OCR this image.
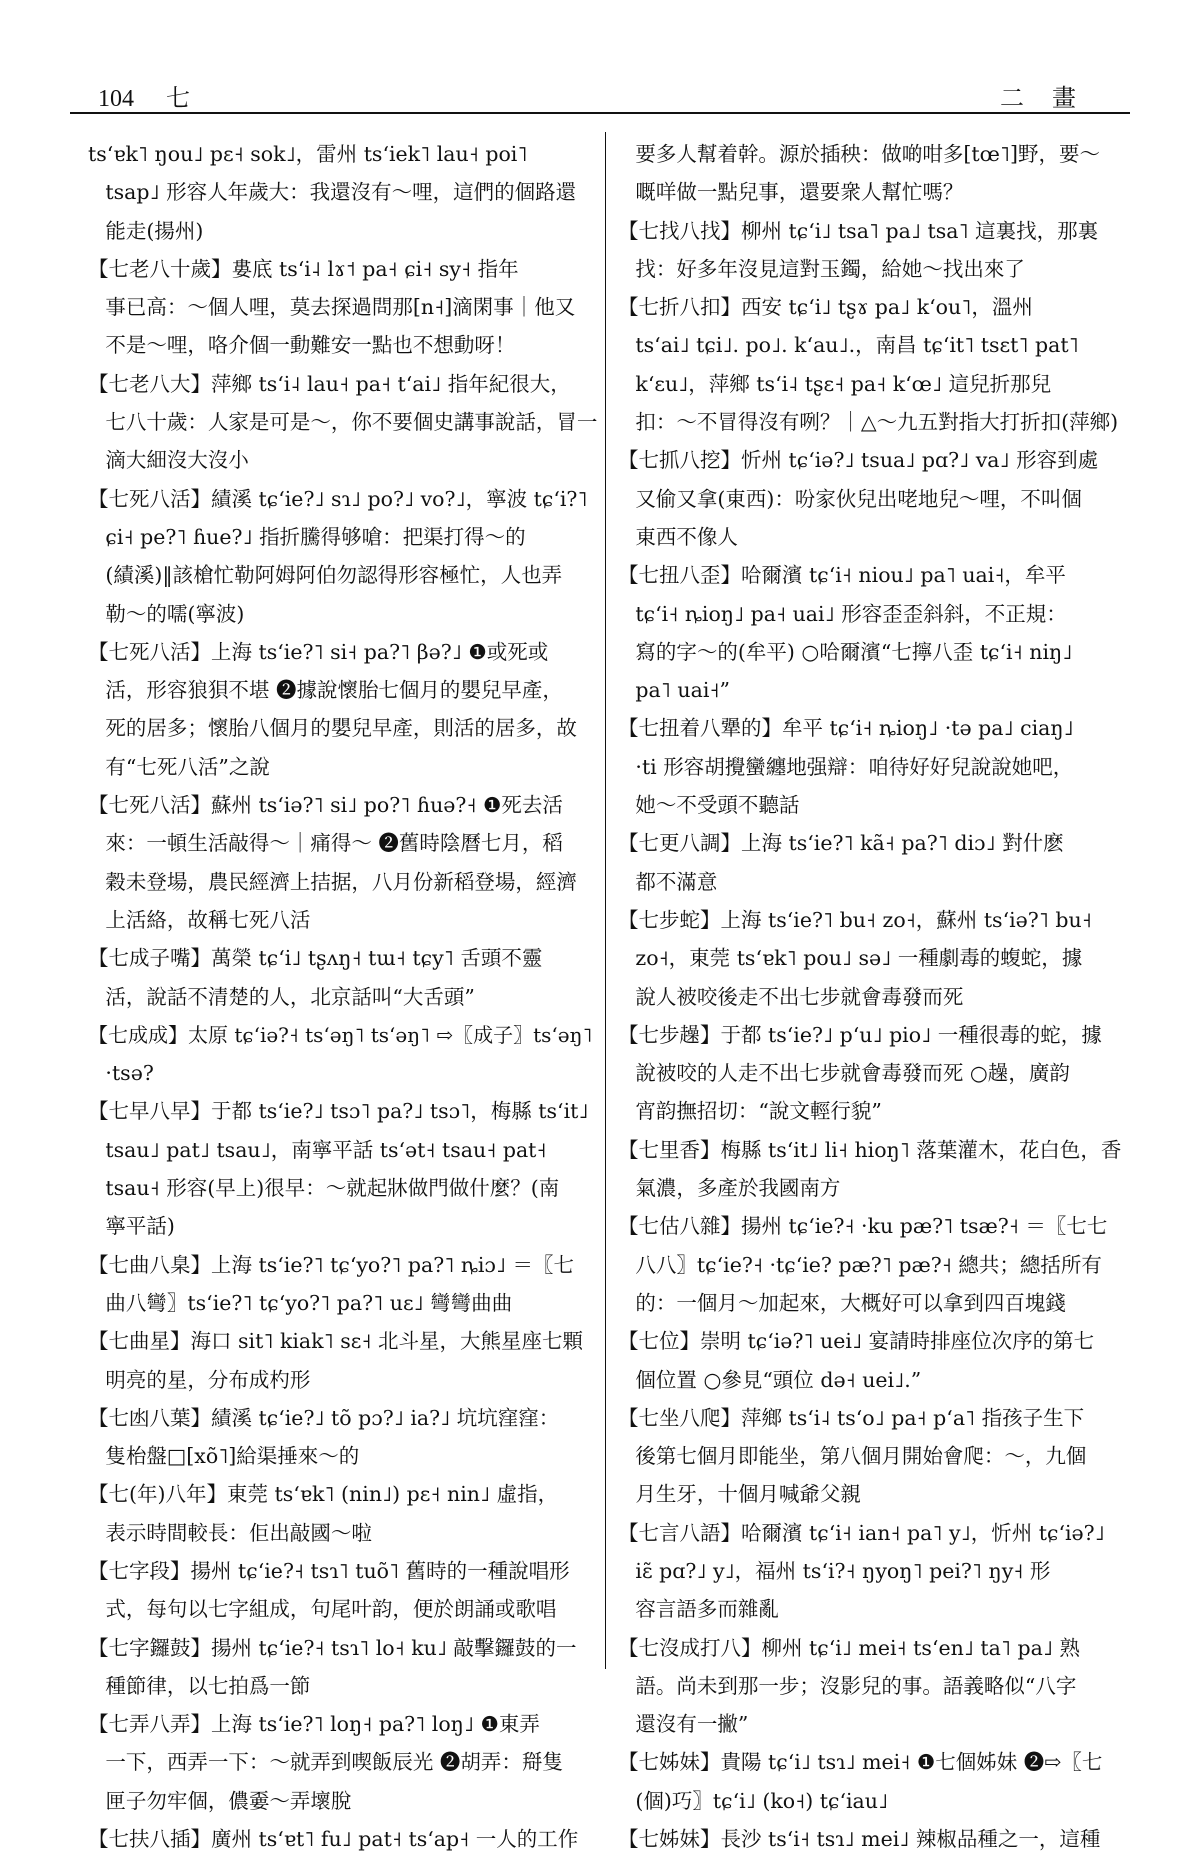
104 七	二畫
tsʻɐk˥ ŋou˩ pɛ˧ sok˩，雷州 tsʻiek˥ lau˧ poi˥
tsap˩ 形容人年歲大：我還沒有～哩，這們的個路還
能走(揚州)
【七老八十歲】婁底 tsʻi˨ lɤ˦ pa˧ ɕi˧ sy˧ 指年
事已高：～個人哩，莫去探過問那[n˧]滴閑事｜他又
不是～哩，咯介個一動難安一點也不想動呀！
【七老八大】萍鄉 tsʻi˨ lau˧ pa˧ tʻai˩ 指年紀很大，
七八十歲：人家是可是～，你不要個史講事說話，冒一
滴大細沒大沒小
【七死八活】績溪 tɕʻie?˩ sɿ˩ po?˩ vo?˩，寧波 tɕʻi?˥
ɕi˧ pe?˥ ɦue?˩ 指折騰得够嗆：把渠打得～的
(績溪)‖該槍忙勒阿姆阿伯勿認得形容極忙，人也弄
勒～的嚅(寧波)
【七死八活】上海 tsʻie?˥ si˧ pa?˥ βə?˩ ❶或死或
活，形容狼狽不堪 ❷據說懷胎七個月的嬰兒早產，
死的居多；懷胎八個月的嬰兒早產，則活的居多，故
有“七死八活”之說
【七死八活】蘇州 tsʻiə?˥ si˩ po?˥ ɦuə?˧ ❶死去活
來：一頓生活敲得～｜痛得～ ❷舊時陰曆七月，稻
穀未登場，農民經濟上拮据，八月份新稻登場，經濟
上活絡，故稱七死八活
【七成子嘴】萬榮 tɕʻi˩ tʂʌŋ˧ tɯ˧ tɕy˥ 舌頭不靈
活，說話不清楚的人，北京話叫“大舌頭”
【七成成】太原 tɕʻiə?˧ tsʻəŋ˥ tsʻəŋ˥ ⇨〖成子〗tsʻəŋ˥
·tsə?
【七早八早】于都 tsʻie?˩ tsɔ˥ pa?˩ tsɔ˥，梅縣 tsʻit˩
tsau˩ pat˩ tsau˩，南寧平話 tsʻət˧ tsau˧ pat˧
tsau˧ 形容(早上)很早：～就起牀做門做什麼？(南
寧平話)
【七曲八臬】上海 tsʻie?˥ tɕʻyo?˥ pa?˥ ȵiɔ˩ ＝〖七
曲八彎〗tsʻie?˥ tɕʻyo?˥ pa?˥ uɛ˩ 彎彎曲曲
【七曲星】海口 sit˥ kiak˥ sɛ˧ 北斗星，大熊星座七顆
明亮的星，分布成杓形
【七凼八葉】績溪 tɕʻie?˩ tõ pɔ?˩ ia?˩ 坑坑窪窪：
隻枱盤□[xõ˥]給渠捶來～的
【七(年)八年】東莞 tsʻɐk˥ (nin˩) pɛ˧ nin˩ 虛指，
表示時間較長：佢出敲國～啦
【七字段】揚州 tɕʻie?˧ tsɿ˥ tuõ˥ 舊時的一種說唱形
式，每句以七字組成，句尾叶韵，便於朗誦或歌唱
【七字鑼鼓】揚州 tɕʻie?˧ tsɿ˥ lo˧ ku˩ 敲擊鑼鼓的一
種節律，以七拍爲一節
【七弄八弄】上海 tsʻie?˥ loŋ˧ pa?˥ loŋ˩ ❶東弄
一下，西弄一下：～就弄到喫飯辰光 ❷胡弄：搿隻
匣子勿牢個，儂嫑～弄壞脫
【七扶八插】廣州 tsʻɐt˥ fu˩ pat˧ tsʻap˧ 一人的工作
要多人幫着幹。源於插秧：做啲咁多[tœ˥]野，要～
嘅咩做一點兒事，還要衆人幫忙嗎？
【七找八找】柳州 tɕʻi˩ tsa˥ pa˩ tsa˥ 這裏找，那裏
找：好多年沒見這對玉鐲，給她～找出來了
【七折八扣】西安 tɕʻi˩ tʂɤ pa˩ kʻou˥，溫州
tsʻai˩ tɕi˩. po˩. kʻau˩.，南昌 tɕʻit˥ tsɛt˥ pat˥
kʻɛu˩，萍鄉 tsʻi˨ tʂɛ˧ pa˧ kʻœ˩ 這兒折那兒
扣：～不冒得沒有咧？｜△～九五對指大打折扣(萍鄉)
【七抓八挖】忻州 tɕʻiə?˩ tsua˩ pɑ?˩ va˩ 形容到處
又偷又拿(東西)：吩家伙兒出咾地兒～哩，不叫個
東西不像人
【七扭八歪】哈爾濱 tɕʻi˧ niou˩ pa˥ uai˧，牟平
tɕʻi˧ ȵioŋ˩ pa˧ uai˩ 形容歪歪斜斜，不正規：
寫的字～的(牟平) ○哈爾濱“七擰八歪 tɕʻi˧ niŋ˩
pa˥ uai˧”
【七扭着八犟的】牟平 tɕʻi˧ ȵioŋ˩ ·tə pa˩ ciaŋ˩
·ti 形容胡攪蠻纏地强辯：咱待好好兒說說她吧，
她～不受頭不聽話
【七更八調】上海 tsʻie?˥ kã˧ pa?˥ diɔ˩ 對什麽
都不滿意
【七步蛇】上海 tsʻie?˥ bu˧ zo˧，蘇州 tsʻiə?˥ bu˧
zo˧，東莞 tsʻɐk˥ pou˩ sə˩ 一種劇毒的蝮蛇，據
說人被咬後走不出七步就會毒發而死
【七步趮】于都 tsʻie?˩ pʻu˩ pio˩ 一種很毒的蛇，據
說被咬的人走不出七步就會毒發而死 ○趮，廣韵
宵韵撫招切：“說文輕行貌”
【七里香】梅縣 tsʻit˩ li˧ hioŋ˥ 落葉灌木，花白色，香
氣濃，多產於我國南方
【七估八雜】揚州 tɕʻie?˧ ·ku pæ?˥ tsæ?˧ ＝〖七七
八八〗tɕʻie?˧ ·tɕʻie? pæ?˥ pæ?˧ 總共；總括所有
的：一個月～加起來，大概好可以拿到四百塊錢
【七位】崇明 tɕʻiə?˥ uei˩ 宴請時排座位次序的第七
個位置 ○參見“頭位 də˧ uei˩.”
【七坐八爬】萍鄉 tsʻi˨ tsʻo˩ pa˧ pʻa˥ 指孩子生下
後第七個月即能坐，第八個月開始會爬：～，九個
月生牙，十個月喊爺父親
【七言八語】哈爾濱 tɕʻi˧ ian˧ pa˥ y˩，忻州 tɕʻiə?˩
iɛ̃ pɑ?˩ y˩，福州 tsʻi?˧ ŋyoŋ˥ pei?˥ ŋy˧ 形
容言語多而雜亂
【七沒成打八】柳州 tɕʻi˩ mei˧ tsʻen˩ ta˥ pa˩ 熟
語。尚未到那一步；沒影兒的事。語義略似“八字
還沒有一撇”
【七姊妹】貴陽 tɕʻi˩ tsɿ˩ mei˧ ❶七個姊妹 ❷⇨〖七
(個)巧〗tɕʻi˩ (ko˧) tɕʻiau˩
【七姊妹】長沙 tsʻi˧ tsɿ˩ mei˩ 辣椒品種之一，這種
